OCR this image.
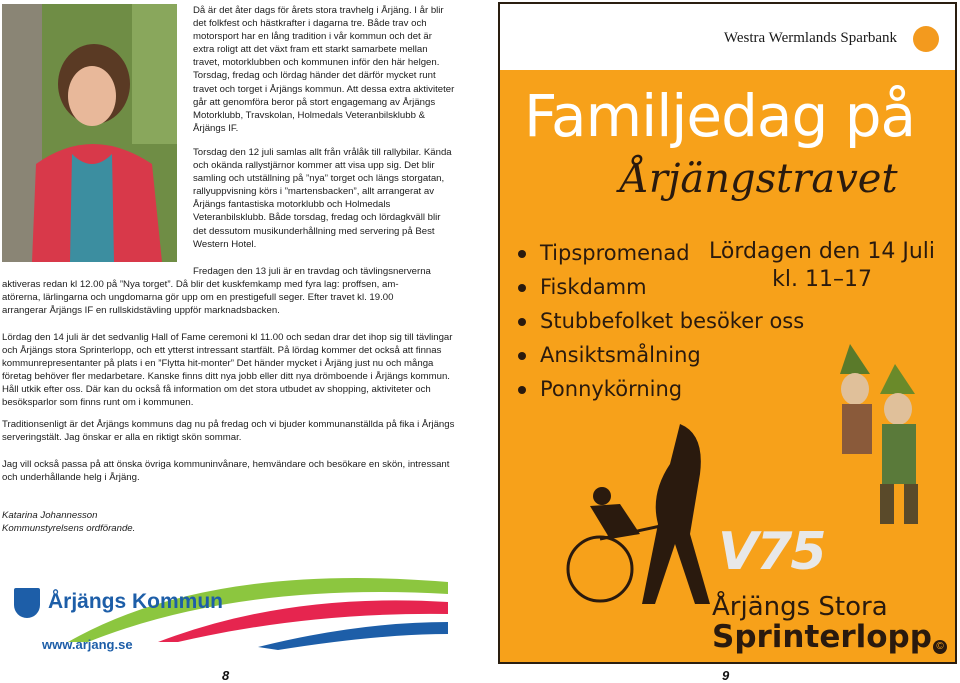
Då är det åter dags för årets stora travhelg i Årjäng. I år blir det folkfest och hästkrafter i dagarna tre. Både trav och motorsport har en lång tradition i vår kommun och det är extra roligt att det växt fram ett starkt samarbete mellan travet, motorklubben och kommunen inför den här helgen. Torsdag, fredag och lördag händer det därför mycket runt travet och torget i Årjängs kommun. Att dessa extra aktiviteter går att genomföra beror på stort engagemang av Årjängs Motorklubb, Travskolan, Holmedals Veteranbilsklubb & Årjängs IF.
Torsdag den 12 juli samlas allt från vrålåk till rallybilar. Kända och okända rallystjärnor kommer att visa upp sig. Det blir samling och utställning på ”nya” torget och längs storgatan, rallyuppvisning körs i ”martensbacken”, allt arrangerat av Årjängs fantastiska motorklubb och Holmedals Veteranbilsklubb. Både torsdag, fredag och lördagkväll blir det dessutom musikunderhållning med servering på Best Western Hotel.
Fredagen den 13 juli är en travdag och tävlingsnerverna
aktiveras redan kl 12.00 på ”Nya torget”. Då blir det kuskfemkamp med fyra lag: proffsen, am-
atörerna, lärlingarna och ungdomarna gör upp om en prestigefull seger. Efter travet kl. 19.00
arrangerar Årjängs IF en rullskidstävling uppför marknadsbacken.
Lördag den 14 juli är det sedvanlig Hall of Fame ceremoni kl 11.00 och sedan drar det ihop sig till tävlingar och Årjängs stora Sprinterlopp, och ett ytterst intressant startfält. På lördag kommer det också att finnas kommunrepresentanter på plats i en ”Flytta hit-monter” Det händer mycket i Årjäng just nu och många företag behöver fler medarbetare. Kanske finns ditt nya jobb eller ditt nya drömboende i Årjängs kommun. Håll utkik efter oss. Där kan du också få information om det stora utbudet av shopping, aktiviteter och besöksparlor som finns runt om i kommunen.
Traditionsenligt är det Årjängs kommuns dag nu på fredag och vi bjuder kommunanställda på fika i Årjängs serveringstält. Jag önskar er alla en riktigt skön sommar.
Jag vill också passa på att önska övriga kommuninvånare, hemvändare och besökare en skön, intressant och underhållande helg i Årjäng.
Katarina Johannesson
Kommunstyrelsens ordförande.
Årjängs Kommun
www.arjang.se
8
Westra Wermlands Sparbank
Familjedag på
Årjängstravet
Tipspromenad
Fiskdamm
Stubbefolket besöker oss
Ansiktsmålning
Ponnykörning
Lördagen den 14 Juli
kl. 11–17
V75
Årjängs Stora
Sprinterlopp ©
9
